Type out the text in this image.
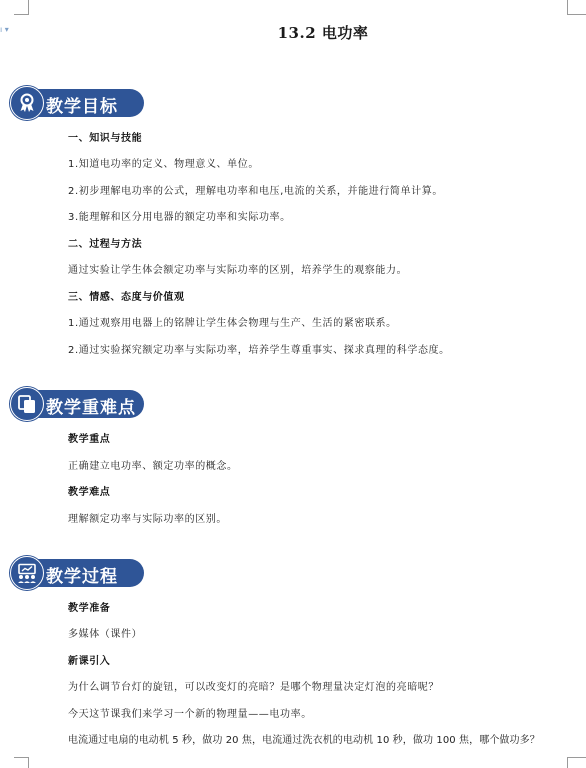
ı ▾	13.2 电功率
教学目标
一、知识与技能
1.知道电功率的定义、物理意义、单位。
2.初步理解电功率的公式，理解电功率和电压,电流的关系，并能进行简单计算。
3.能理解和区分用电器的额定功率和实际功率。
二、过程与方法
通过实验让学生体会额定功率与实际功率的区别，培养学生的观察能力。
三、情感、态度与价值观
1.通过观察用电器上的铭牌让学生体会物理与生产、生活的紧密联系。
2.通过实验探究额定功率与实际功率，培养学生尊重事实、探求真理的科学态度。
教学重难点
教学重点
正确建立电功率、额定功率的概念。
教学难点
理解额定功率与实际功率的区别。
教学过程
教学准备
多媒体（课件）
新课引入
为什么调节台灯的旋钮，可以改变灯的亮暗？是哪个物理量决定灯泡的亮暗呢？
今天这节课我们来学习一个新的物理量——电功率。
电流通过电扇的电动机 5 秒，做功 20 焦，电流通过洗衣机的电动机 10 秒，做功 100 焦，哪个做功多？
